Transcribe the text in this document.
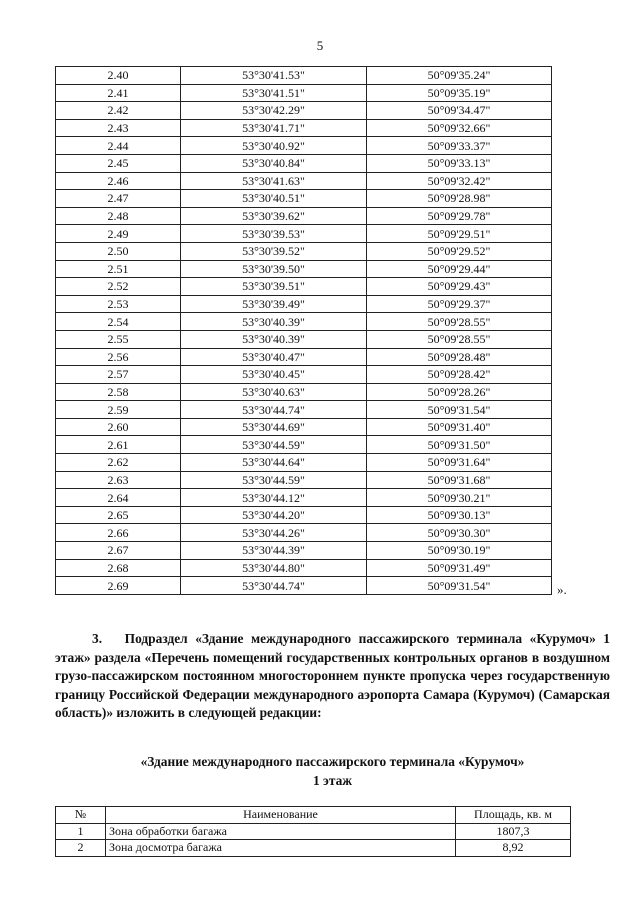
5
2.40	53°30'41.53"	50°09'35.24"
2.41	53°30'41.51"	50°09'35.19"
2.42	53°30'42.29"	50°09'34.47"
2.43	53°30'41.71"	50°09'32.66"
2.44	53°30'40.92"	50°09'33.37"
2.45	53°30'40.84"	50°09'33.13"
2.46	53°30'41.63"	50°09'32.42"
2.47	53°30'40.51"	50°09'28.98"
2.48	53°30'39.62"	50°09'29.78"
2.49	53°30'39.53"	50°09'29.51"
2.50	53°30'39.52"	50°09'29.52"
2.51	53°30'39.50"	50°09'29.44"
2.52	53°30'39.51"	50°09'29.43"
2.53	53°30'39.49"	50°09'29.37"
2.54	53°30'40.39"	50°09'28.55"
2.55	53°30'40.39"	50°09'28.55"
2.56	53°30'40.47"	50°09'28.48"
2.57	53°30'40.45"	50°09'28.42"
2.58	53°30'40.63"	50°09'28.26"
2.59	53°30'44.74"	50°09'31.54"
2.60	53°30'44.69"	50°09'31.40"
2.61	53°30'44.59"	50°09'31.50"
2.62	53°30'44.64"	50°09'31.64"
2.63	53°30'44.59"	50°09'31.68"
2.64	53°30'44.12"	50°09'30.21"
2.65	53°30'44.20"	50°09'30.13"
2.66	53°30'44.26"	50°09'30.30"
2.67	53°30'44.39"	50°09'30.19"
2.68	53°30'44.80"	50°09'31.49"
2.69	53°30'44.74"	50°09'31.54"	».
3. Подраздел «Здание международного пассажирского терминала «Курумоч» 1 этаж» раздела «Перечень помещений государственных контрольных органов в воздушном грузо-пассажирском постоянном многостороннем пункте пропуска через государственную границу Российской Федерации международного аэропорта Самара (Курумоч) (Самарская область)» изложить в следующей редакции:
«Здание международного пассажирского терминала «Курумоч»
1 этаж
№	Наименование	Площадь, кв. м
1	Зона обработки багажа	1807,3
2	Зона досмотра багажа	8,92
